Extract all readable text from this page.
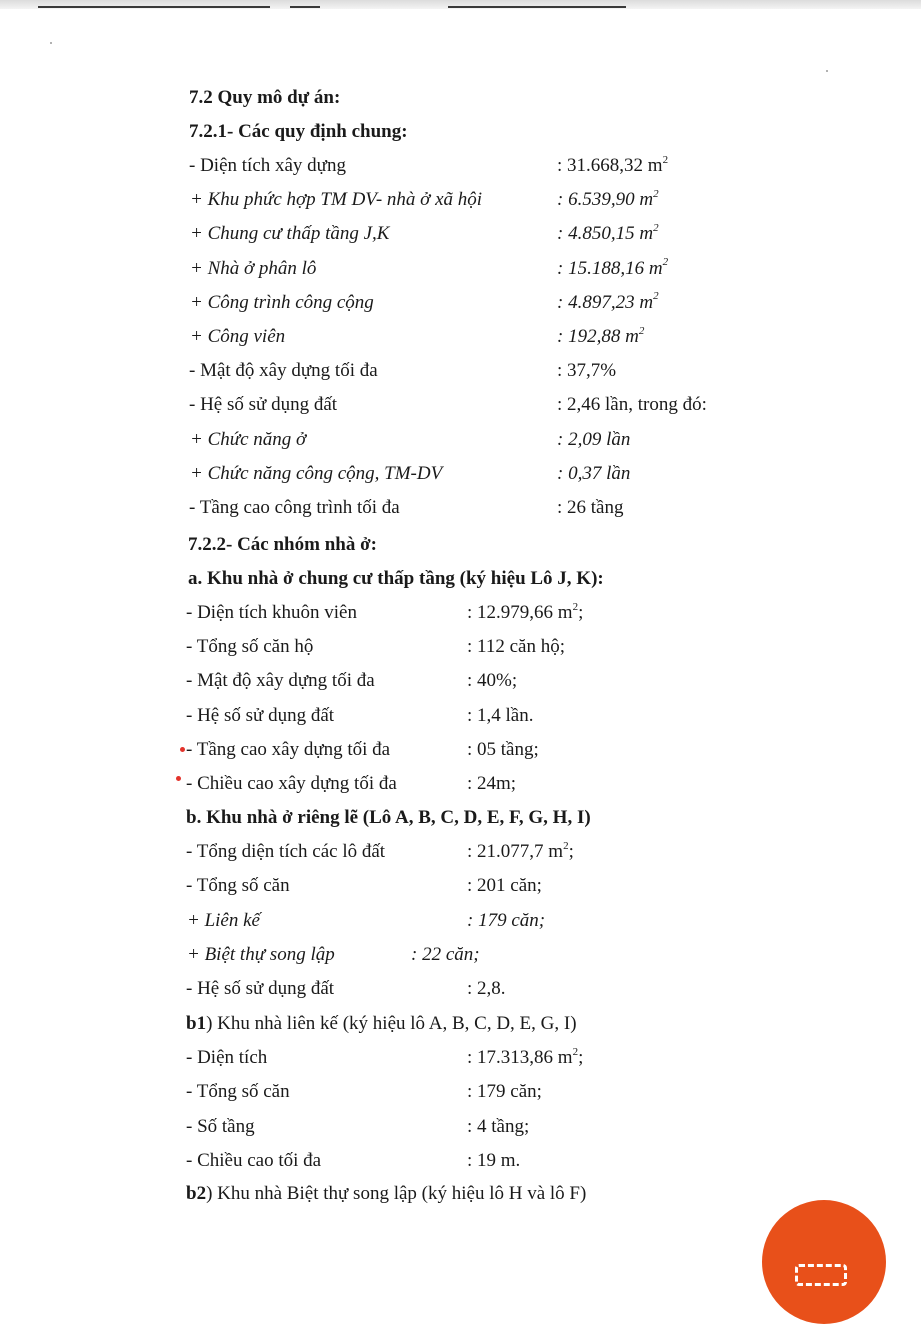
7.2 Quy mô dự án:
7.2.1- Các quy định chung:
- Diện tích xây dựng	: 31.668,32 $m^2$
+ Khu phức hợp TM DV- nhà ở xã hội	: 6.539,90 $m^2$
+ Chung cư thấp tầng J,K	: 4.850,15 $m^2$
+ Nhà ở phân lô	: 15.188,16 $m^2$
+ Công trình công cộng	: 4.897,23 $m^2$
+ Công viên	: 192,88 $m^2$
- Mật độ xây dựng tối đa	: 37,7%
- Hệ số sử dụng đất	: 2,46 lần, trong đó:
+ Chức năng ở	: 2,09 lần
+ Chức năng công cộng, TM-DV	: 0,37 lần
- Tầng cao công trình tối đa	: 26 tầng
7.2.2- Các nhóm nhà ở:
a. Khu nhà ở chung cư thấp tầng (ký hiệu Lô J, K):
- Diện tích khuôn viên	: 12.979,66 $m^2$;
- Tổng số căn hộ	: 112 căn hộ;
- Mật độ xây dựng tối đa	: 40%;
- Hệ số sử dụng đất	: 1,4 lần.
- Tầng cao xây dựng tối đa	: 05 tầng;
- Chiều cao xây dựng tối đa	: 24m;
b. Khu nhà ở riêng lẽ (Lô A, B, C, D, E, F, G, H, I)
- Tổng diện tích các lô đất	: 21.077,7 $m^2$;
- Tổng số căn	: 201 căn;
+ Liên kế	: 179 căn;
+ Biệt thự song lập	: 22 căn;
- Hệ số sử dụng đất	: 2,8.
b1) Khu nhà liên kế (ký hiệu lô A, B, C, D, E, G, I)
- Diện tích	: 17.313,86 $m^2$;
- Tổng số căn	: 179 căn;
- Số tầng	: 4 tầng;
- Chiều cao tối đa	: 19 m.
b2) Khu nhà Biệt thự song lập (ký hiệu lô H và lô F)
